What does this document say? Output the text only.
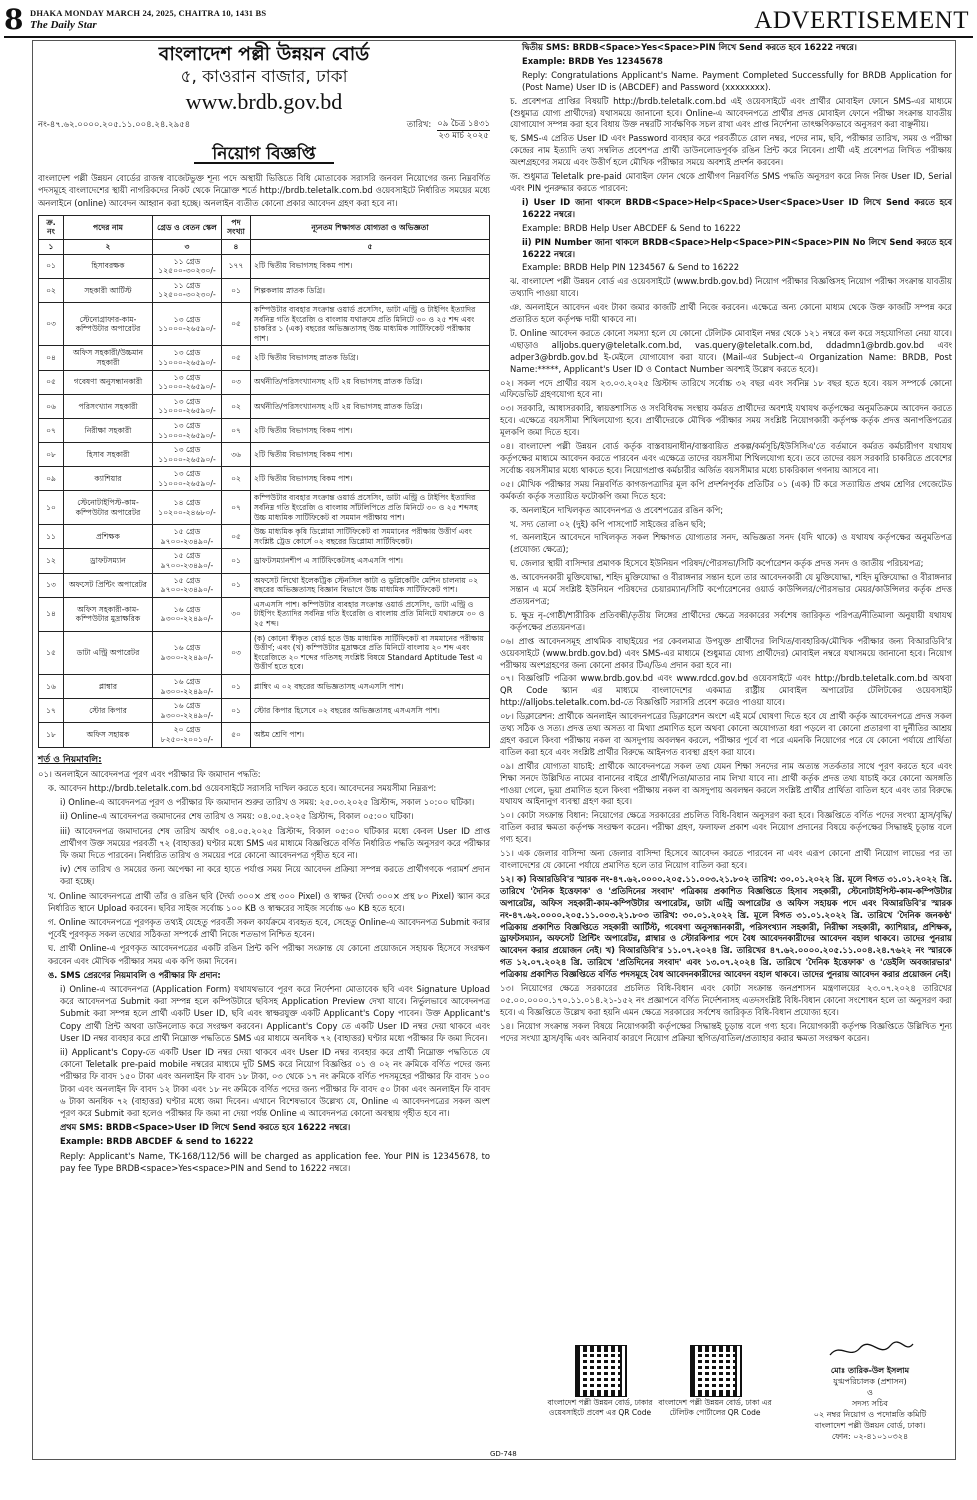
8 DHAKA MONDAY MARCH 24, 2025, CHAITRA 10, 1431 BS
The Daily Star	ADVERTISEMENT
বাংলাদেশ পল্লী উন্নয়ন বোর্ড
৫, কাওরান বাজার, ঢাকা
www.brdb.gov.bd
নং-৪৭.৬২.০০০০.২০৫.১১.০০৪.২৪.২৯৫৪	তারিখ: ০৯ চৈত্র ১৪৩১
২৩ মার্চ ২০২৫
নিয়োগ বিজ্ঞপ্তি
বাংলাদেশ পল্লী উন্নয়ন বোর্ডের রাজস্ব বাজেটভুক্ত শূন্য পদে অস্থায়ী ভিত্তিতে বিধি মোতাবেক সরাসরি জনবল নিয়োগের জন্য নিম্নবর্ণিত পদসমূহে বাংলাদেশের স্থায়ী নাগরিকদের নিকট থেকে নিম্নোক্ত শর্তে http://brdb.teletalk.com.bd ওয়েবসাইটে নির্ধারিত সময়ের মধ্যে অনলাইনে (online) আবেদন আহ্বান করা হচ্ছে। অনলাইন ব্যতীত কোনো প্রকার আবেদন গ্রহণ করা হবে না।
ক্র. নং	পদের নাম	গ্রেড ও বেতন স্কেল	পদ সংখ্যা	ন্যূনতম শিক্ষাগত যোগ্যতা ও অভিজ্ঞতা
১	২	৩	৪	৫
০১	হিসাবরক্ষক	১১ গ্রেড ১২৫০০-৩০২৩০/-	১৭৭	২টি দ্বিতীয় বিভাগসহ বিকম পাশ।
০২	সহকারী আর্টিস্ট	১১ গ্রেড ১২৫০০-৩০২৩০/-	০১	শিল্পকলায় স্নাতক ডিগ্রি।
০৩	স্টেনোগ্রাফার-কাম-কম্পিউটার অপারেটর	১৩ গ্রেড ১১০০০-২৬৫৯০/-	০৫	কম্পিউটার ব্যবহার সংক্রান্ত ওয়ার্ড প্রসেসিং, ডাটা এন্ট্রি ও টাইপিং ইত্যাদির সর্বনিম্ন গতি ইংরেজি ও বাংলায় যথাক্রমে প্রতি মিনিটে ৩০ ও ২৫ শব্দ এবং চাকরির ১ (এক) বছরের অভিজ্ঞতাসহ উচ্চ মাধ্যমিক সার্টিফিকেট পরীক্ষায় পাশ।
০৪	অফিস সহকারী/উচ্চমান সহকারী	১৩ গ্রেড ১১০০০-২৬৫৯০/-	০৫	২টি দ্বিতীয় বিভাগসহ স্নাতক ডিগ্রি।
০৫	গবেষণা অনুসন্ধানকারী	১৩ গ্রেড ১১০০০-২৬৫৯০/-	০৩	অর্থনীতি/পরিসংখ্যানসহ ২টি ২য় বিভাগসহ স্নাতক ডিগ্রি।
০৬	পরিসংখ্যান সহকারী	১৩ গ্রেড ১১০০০-২৬৫৯০/-	০২	অর্থনীতি/পরিসংখ্যানসহ ২টি ২য় বিভাগসহ স্নাতক ডিগ্রি।
০৭	নিরীক্ষা সহকারী	১৩ গ্রেড ১১০০০-২৬৫৯০/-	০৭	২টি দ্বিতীয় বিভাগসহ বিকম পাশ।
০৮	হিসাব সহকারী	১৩ গ্রেড ১১০০০-২৬৫৯০/-	৩৬	২টি দ্বিতীয় বিভাগসহ বিকম পাশ।
০৯	ক্যাশিয়ার	১৩ গ্রেড ১১০০০-২৬৫৯০/-	০২	২টি দ্বিতীয় বিভাগসহ বিকম পাশ।
১০	স্টেনোটাইপিস্ট-কাম-কম্পিউটার অপারেটর	১৪ গ্রেড ১০২০০-২৪৬৮০/-	০৭	কম্পিউটার ব্যবহার সংক্রান্ত ওয়ার্ড প্রসেসিং, ডাটা এন্ট্রি ও টাইপিং ইত্যাদির সর্বনিম্ন গতি ইংরেজি ও বাংলায় সাঁটলিপিতে প্রতি মিনিটে ৩০ ও ২৫ শব্দসহ উচ্চ মাধ্যমিক সার্টিফিকেট বা সমমান পরীক্ষায় পাশ।
১১	প্রশিক্ষক	১৫ গ্রেড ৯৭০০-২৩৪৯০/-	০৫	উচ্চ মাধ্যমিক কৃষি ডিপ্লোমা সার্টিফিকেট বা সমমানের পরীক্ষায় উত্তীর্ণ এবং সংশ্লিষ্ট ট্রেড কোর্সে ০২ বছরের ডিপ্লোমা সার্টিফিকেট।
১২	ড্রাফটসম্যান	১৫ গ্রেড ৯৭০০-২৩৪৯০/-	০১	ড্রাফটসম্যানশীপ এ সার্টিফিকেটসহ এসএসসি পাশ।
১৩	অফসেট প্রিন্টিং অপারেটর	১৫ গ্রেড ৯৭০০-২৩৪৯০/-	০১	অফসেট লিথো ইলেকট্রিক স্টেনসিল কাটা ও ডুপ্লিকেটিং মেশিন চালনায় ০২ বছরের অভিজ্ঞতাসহ বিজ্ঞান বিভাগে উচ্চ মাধ্যমিক সার্টিফিকেট পাশ।
১৪	অফিস সহকারী-কাম-কম্পিউটার মুদ্রাক্ষরিক	১৬ গ্রেড ৯৩০০-২২৪৯০/-	৩০	এসএসসি পাশ। কম্পিউটার ব্যবহার সংক্রান্ত ওয়ার্ড প্রসেসিং, ডাটা এন্ট্রি ও টাইপিং ইত্যাদির সর্বনিম্ন গতি ইংরেজি ও বাংলায় প্রতি মিনিটে যথাক্রমে ৩০ ও ২৫ শব্দ।
১৫	ডাটা এন্ট্রি অপারেটর	১৬ গ্রেড ৯৩০০-২২৪৯০/-	০৩	(ক) কোনো স্বীকৃত বোর্ড হতে উচ্চ মাধ্যমিক সার্টিফিকেট বা সমমানের পরীক্ষায় উত্তীর্ণ; এবং (খ) কম্পিউটার মুদ্রাক্ষরে প্রতি মিনিটে বাংলায় ২০ শব্দ এবং ইংরেজিতে ২০ শব্দের গতিসহ সংশ্লিষ্ট বিষয়ে Standard Aptitude Test এ উত্তীর্ণ হতে হবে।
১৬	প্লাম্বার	১৬ গ্রেড ৯৩০০-২২৪৯০/-	০১	প্লাম্বিং এ ০২ বছরের অভিজ্ঞতাসহ এসএসসি পাশ।
১৭	স্টোর কিপার	১৬ গ্রেড ৯৩০০-২২৪৯০/-	০১	স্টোর কিপার হিসেবে ০২ বছরের অভিজ্ঞতাসহ এসএসসি পাশ।
১৮	অফিস সহায়ক	২০ গ্রেড ৮২৫০-২০০১০/-	৫০	অষ্টম শ্রেণি পাশ।
শর্ত ও নিয়মাবলি:
০১। অনলাইনে আবেদনপত্র পূরণ এবং পরীক্ষার ফি জমাদান পদ্ধতি:
ক. আবেদন http://brdb.teletalk.com.bd ওয়েবসাইটে সরাসরি দাখিল করতে হবে। আবেদনের সময়সীমা নিম্নরূপ:
i) Online-এ আবেদনপত্র পূরণ ও পরীক্ষার ফি জমাদান শুরুর তারিখ ও সময়: ২৫.০৩.২০২৫ খ্রিস্টাব্দ, সকাল ১০:০০ ঘটিকা।
ii) Online-এ আবেদনপত্র জমাদানের শেষ তারিখ ও সময়: ০৪.০৫.২০২৫ খ্রিস্টাব্দ, বিকাল ০৫:০০ ঘটিকা।
iii) আবেদনপত্র জমাদানের শেষ তারিখ অর্থাৎ ০৪.০৫.২০২৫ খ্রিস্টাব্দ, বিকাল ০৫:০০ ঘটিকার মধ্যে কেবল User ID প্রাপ্ত প্রার্থীগণ উক্ত সময়ের পরবর্তী ৭২ (বাহাত্তর) ঘণ্টার মধ্যে SMS এর মাধ্যমে বিজ্ঞপ্তিতে বর্ণিত নির্ধারিত পদ্ধতি অনুসরণ করে পরীক্ষার ফি জমা দিতে পারবেন। নির্ধারিত তারিখ ও সময়ের পরে কোনো আবেদনপত্র গৃহীত হবে না।
iv) শেষ তারিখ ও সময়ের জন্য অপেক্ষা না করে হাতে পর্যাপ্ত সময় নিয়ে আবেদন প্রক্রিয়া সম্পন্ন করতে প্রার্থীগণকে পরামর্শ প্রদান করা হচ্ছে।
খ. Online আবেদনপত্রে প্রার্থী তাঁর ও রঙিন ছবি (দৈর্ঘ্য ৩০০× প্রস্থ ৩০০ Pixel) ও স্বাক্ষর (দৈর্ঘ্য ৩০০× প্রস্থ ৮০ Pixel) স্ক্যান করে নির্ধারিত স্থানে Upload করবেন। ছবির সাইজ সর্বোচ্চ ১০০ KB ও স্বাক্ষরের সাইজ সর্বোচ্চ ৬০ KB হতে হবে।
গ. Online আবেদনপত্রে পূরণকৃত তথ্যই যেহেতু পরবর্তী সকল কার্যক্রমে ব্যবহৃত হবে, সেহেতু Online-এ আবেদনপত্র Submit করার পূর্বেই পূরণকৃত সকল তথ্যের সঠিকতা সম্পর্কে প্রার্থী নিজে শতভাগ নিশ্চিত হবেন।
ঘ. প্রার্থী Online-এ পূরণকৃত আবেদনপত্রের একটি রঙিন প্রিন্ট কপি পরীক্ষা সংক্রান্ত যে কোনো প্রয়োজনে সহায়ক হিসেবে সংরক্ষণ করবেন এবং মৌখিক পরীক্ষার সময় এক কপি জমা দিবেন।
ঙ. SMS প্রেরণের নিয়মাবলি ও পরীক্ষার ফি প্রদান:
i) Online-এ আবেদনপত্র (Application Form) যথাযথভাবে পূরণ করে নির্দেশনা মোতাবেক ছবি এবং Signature Upload করে আবেদনপত্র Submit করা সম্পন্ন হলে কম্পিউটারে ছবিসহ Application Preview দেখা যাবে। নির্ভুলভাবে আবেদনপত্র Submit করা সম্পন্ন হলে প্রার্থী একটি User ID, ছবি এবং স্বাক্ষরযুক্ত একটি Applicant's Copy পাবেন। উক্ত Applicant's Copy প্রার্থী প্রিন্ট অথবা ডাউনলোড করে সংরক্ষণ করবেন। Applicant's Copy তে একটি User ID নম্বর দেয়া থাকবে এবং User ID নম্বর ব্যবহার করে প্রার্থী নিম্নোক্ত পদ্ধতিতে SMS এর মাধ্যমে অনধিক ৭২ (বাহাত্তর) ঘণ্টার মধ্যে পরীক্ষার ফি জমা দিবেন।
ii) Applicant's Copy-তে একটি User ID নম্বর দেয়া থাকবে এবং User ID নম্বর ব্যবহার করে প্রার্থী নিম্নোক্ত পদ্ধতিতে যে কোনো Teletalk pre-paid mobile নম্বরের মাধ্যমে দুটি SMS করে নিয়োগ বিজ্ঞপ্তির ০১ ও ০২ নং ক্রমিকে বর্ণিত পদের জন্য পরীক্ষার ফি বাবদ ১৫০ টাকা এবং অনলাইন ফি বাবদ ১৮ টাকা, ০৩ থেকে ১৭ নং ক্রমিকে বর্ণিত পদসমূহের পরীক্ষার ফি বাবদ ১০০ টাকা এবং অনলাইন ফি বাবদ ১২ টাকা এবং ১৮ নং ক্রমিকে বর্ণিত পদের জন্য পরীক্ষার ফি বাবদ ৫০ টাকা এবং অনলাইন ফি বাবদ ৬ টাকা অনধিক ৭২ (বাহাত্তর) ঘণ্টার মধ্যে জমা দিবেন। এখানে বিশেষভাবে উল্লেখ্য যে, Online এ আবেদনপত্রের সকল অংশ পূরণ করে Submit করা হলেও পরীক্ষার ফি জমা না দেয়া পর্যন্ত Online এ আবেদনপত্র কোনো অবস্থায় গৃহীত হবে না।
প্রথম SMS: BRDB<Space>User ID লিখে Send করতে হবে 16222 নম্বরে।
Example: BRDB ABCDEF & send to 16222
Reply: Applicant's Name, TK-168/112/56 will be charged as application fee. Your PIN is 12345678, to pay fee Type BRDB<space>Yes<space>PIN and Send to 16222 নম্বরে।
দ্বিতীয় SMS: BRDB<Space>Yes<Space>PIN লিখে Send করতে হবে 16222 নম্বরে।
Example: BRDB Yes 12345678
Reply: Congratulations Applicant's Name. Payment Completed Successfully for BRDB Application for (Post Name) User ID is (ABCDEF) and Password (xxxxxxxx).
চ. প্রবেশপত্র প্রাপ্তির বিষয়টি http://brdb.teletalk.com.bd এই ওয়েবসাইটে এবং প্রার্থীর মোবাইল ফোনে SMS-এর মাধ্যমে (শুধুমাত্র যোগ্য প্রার্থীদের) যথাসময়ে জানানো হবে। Online-এ আবেদনপত্রে প্রার্থীর প্রদত্ত মোবাইল ফোনে পরীক্ষা সংক্রান্ত যাবতীয় যোগাযোগ সম্পন্ন করা হবে বিধায় উক্ত নম্বরটি সার্বক্ষণিক সচল রাখা এবং প্রাপ্ত নির্দেশনা তাৎক্ষণিকভাবে অনুসরণ করা বাঞ্ছনীয়।
ছ. SMS-এ প্রেরিত User ID এবং Password ব্যবহার করে পরবর্তীতে রোল নম্বর, পদের নাম, ছবি, পরীক্ষার তারিখ, সময় ও পরীক্ষা কেন্দ্রের নাম ইত্যাদি তথ্য সম্বলিত প্রবেশপত্র প্রার্থী ডাউনলোডপূর্বক রঙিন প্রিন্ট করে নিবেন। প্রার্থী এই প্রবেশপত্র লিখিত পরীক্ষায় অংশগ্রহণের সময়ে এবং উত্তীর্ণ হলে মৌখিক পরীক্ষার সময়ে অবশ্যই প্রদর্শন করবেন।
জ. শুধুমাত্র Teletalk pre-paid মোবাইল ফোন থেকে প্রার্থীগণ নিম্নবর্ণিত SMS পদ্ধতি অনুসরণ করে নিজ নিজ User ID, Serial এবং PIN পুনরুদ্ধার করতে পারবেন:
i) User ID জানা থাকলে BRDB<Space>Help<Space>User<Space>User ID লিখে Send করতে হবে 16222 নম্বরে।
Example: BRDB Help User ABCDEF & Send to 16222
ii) PIN Number জানা থাকলে BRDB<Space>Help<Space>PIN<Space>PIN No লিখে Send করতে হবে 16222 নম্বরে।
Example: BRDB Help PIN 1234567 & Send to 16222
ঝ. বাংলাদেশ পল্লী উন্নয়ন বোর্ড এর ওয়েবসাইটে (www.brdb.gov.bd) নিয়োগ পরীক্ষার বিজ্ঞপ্তিসহ নিয়োগ পরীক্ষা সংক্রান্ত যাবতীয় তথ্যাদি পাওয়া যাবে।
ঞ. অনলাইনে আবেদন এবং টাকা জমার কাজটি প্রার্থী নিজে করবেন। এক্ষেত্রে অন্য কোনো মাধ্যম থেকে উক্ত কাজটি সম্পন্ন করে প্রতারিত হলে কর্তৃপক্ষ দায়ী থাকবে না।
ট. Online আবেদন করতে কোনো সমস্যা হলে যে কোনো টেলিটক মোবাইল নম্বর থেকে ১২১ নম্বরে কল করে সহযোগিতা নেয়া যাবে। এছাড়াও alljobs.query@teletalk.com.bd, vas.query@teletalk.com.bd, ddadmn1@brdb.gov.bd এবং adper3@brdb.gov.bd ই-মেইলে যোগাযোগ করা যাবে। (Mail-এর Subject-এ Organization Name: BRDB, Post Name:*****, Applicant's User ID ও Contact Number অবশ্যই উল্লেখ করতে হবে)।
০২। সকল পদে প্রার্থীর বয়স ২৩.০৩.২০২৫ খ্রিস্টাব্দ তারিখে সর্বোচ্চ ৩২ বছর এবং সর্বনিম্ন ১৮ বছর হতে হবে। বয়স সম্পর্কে কোনো এফিডেভিট গ্রহণযোগ্য হবে না।
০৩। সরকারি, আধাসরকারি, স্বায়ত্তশাসিত ও সংবিধিবদ্ধ সংস্থায় কর্মরত প্রার্থীদের অবশ্যই যথাযথ কর্তৃপক্ষের অনুমতিক্রমে আবেদন করতে হবে। এক্ষেত্রে বয়সসীমা শিথিলযোগ্য হবে। প্রার্থীদেরকে মৌখিক পরীক্ষার সময় সংশ্লিষ্ট নিয়োগকারী কর্তৃপক্ষ কর্তৃক প্রদত্ত অনাপত্তিপত্রের মূলকপি জমা দিতে হবে।
০৪। বাংলাদেশ পল্লী উন্নয়ন বোর্ড কর্তৃক বাস্তবায়নাধীন/বাস্তবায়িত প্রকল্প/কর্মসূচি/ইউসিসিএ'তে বর্তমানে কর্মরত কর্মচারীগণ যথাযথ কর্তৃপক্ষের মাধ্যমে আবেদন করতে পারবেন এবং এক্ষেত্রে তাদের বয়সসীমা শিথিলযোগ্য হবে। তবে তাদের বয়স সরকারি চাকরিতে প্রবেশের সর্বোচ্চ বয়সসীমার মধ্যে থাকতে হবে। নিয়োগপ্রাপ্ত কর্মচারীর অর্জিত বয়সসীমার মধ্যে চাকরিকাল গণনায় আসবে না।
০৫। মৌখিক পরীক্ষার সময় নিম্নবর্ণিত কাগজপত্রাদির মূল কপি প্রদর্শনপূর্বক প্রতিটির ০১ (এক) টি করে সত্যায়িত প্রথম শ্রেণির গেজেটেড কর্মকর্তা কর্তৃক সত্যায়িত ফটোকপি জমা দিতে হবে:
ক. অনলাইনে দাখিলকৃত আবেদনপত্র ও প্রবেশপত্রের রঙিন কপি;
খ. সদ্য তোলা ০২ (দুই) কপি পাসপোর্ট সাইজের রঙিন ছবি;
গ. অনলাইনে আবেদনে দাখিলকৃত সকল শিক্ষাগত যোগ্যতার সনদ, অভিজ্ঞতা সনদ (যদি থাকে) ও যথাযথ কর্তৃপক্ষের অনুমতিপত্র (প্রযোজ্য ক্ষেত্রে);
ঘ. জেলার স্থায়ী বাসিন্দার প্রমাণক হিসেবে ইউনিয়ন পরিষদ/পৌরসভা/সিটি কর্পোরেশন কর্তৃক প্রদত্ত সনদ ও জাতীয় পরিচয়পত্র;
ঙ. আবেদনকারী মুক্তিযোদ্ধা, শহিদ মুক্তিযোদ্ধা ও বীরাঙ্গনার সন্তান হলে তার আবেদনকারী যে মুক্তিযোদ্ধা, শহিদ মুক্তিযোদ্ধা ও বীরাঙ্গনার সন্তান এ মর্মে সংশ্লিষ্ট ইউনিয়ন পরিষদের চেয়ারম্যান/সিটি কর্পোরেশনের ওয়ার্ড কাউন্সিলর/পৌরসভার মেয়র/কাউন্সিলর কর্তৃক প্রদত্ত প্রত্যয়নপত্র;
চ. ক্ষুদ্র নৃ-গোষ্ঠী/শারীরিক প্রতিবন্ধী/তৃতীয় লিঙ্গের প্রার্থীদের ক্ষেত্রে সরকারের সর্বশেষ জারিকৃত পরিপত্র/নীতিমালা অনুযায়ী যথাযথ কর্তৃপক্ষের প্রত্যয়নপত্র।
০৬। প্রাপ্ত আবেদনসমূহ প্রাথমিক বাছাইয়ের পর কেবলমাত্র উপযুক্ত প্রার্থীদের লিখিত/ব্যবহারিক/মৌখিক পরীক্ষার জন্য বিআরডিবি'র ওয়েবসাইটে (www.brdb.gov.bd) এবং SMS-এর মাধ্যমে (শুধুমাত্র যোগ্য প্রার্থীদের) মোবাইল নম্বরে যথাসময়ে জানানো হবে। নিয়োগ পরীক্ষায় অংশগ্রহণের জন্য কোনো প্রকার টিএ/ডিএ প্রদান করা হবে না।
০৭। বিজ্ঞপ্তিটি পত্রিকা www.brdb.gov.bd এবং www.rdcd.gov.bd ওয়েবসাইটে এবং http://brdb.teletalk.com.bd অথবা QR Code স্ক্যান এর মাধ্যমে বাংলাদেশের একমাত্র রাষ্ট্রীয় মোবাইল অপারেটর টেলিটকের ওয়েবসাইট http://alljobs.teletalk.com.bd-তে বিজ্ঞপ্তিটি সরাসরি প্রবেশ করেও পাওয়া যাবে।
০৮। ডিক্লারেশন: প্রার্থীকে অনলাইন আবেদনপত্রের ডিক্লারেশন অংশে এই মর্মে ঘোষণা দিতে হবে যে প্রার্থী কর্তৃক আবেদনপত্রে প্রদত্ত সকল তথ্য সঠিক ও সত্য। প্রদত্ত তথ্য অসত্য বা মিথ্যা প্রমাণিত হলে অথবা কোনো অযোগ্যতা ধরা পড়লে বা কোনো প্রতারণা বা দুর্নীতির আশ্রয় গ্রহণ করলে কিংবা পরীক্ষায় নকল বা অসদুপায় অবলম্বন করলে, পরীক্ষার পূর্বে বা পরে এমনকি নিয়োগের পরে যে কোনো পর্যায়ে প্রার্থিতা বাতিল করা হবে এবং সংশ্লিষ্ট প্রার্থীর বিরুদ্ধে আইনগত ব্যবস্থা গ্রহণ করা যাবে।
০৯। প্রার্থীর যোগ্যতা যাচাই: প্রার্থীকে আবেদনপত্রে সকল তথ্য যেমন শিক্ষা সনদের নাম অত্যন্ত সতর্কতার সাথে পূরণ করতে হবে এবং শিক্ষা সনদে উল্লিখিত নামের বানানের বাইরে প্রার্থী/পিতা/মাতার নাম লিখা যাবে না। প্রার্থী কর্তৃক প্রদত্ত তথ্য যাচাই করে কোনো অসঙ্গতি পাওয়া গেলে, ভুয়া প্রমাণিত হলে কিংবা পরীক্ষায় নকল বা অসদুপায় অবলম্বন করলে সংশ্লিষ্ট প্রার্থীর প্রার্থিতা বাতিল হবে এবং তার বিরুদ্ধে যথাযথ আইনানুগ ব্যবস্থা গ্রহণ করা হবে।
১০। কোটা সংক্রান্ত বিধান: নিয়োগের ক্ষেত্রে সরকারের প্রচলিত বিধি-বিধান অনুসরণ করা হবে। বিজ্ঞপ্তিতে বর্ণিত পদের সংখ্যা হ্রাস/বৃদ্ধি/বাতিল করার ক্ষমতা কর্তৃপক্ষ সংরক্ষণ করেন। পরীক্ষা গ্রহণ, ফলাফল প্রকাশ এবং নিয়োগ প্রদানের বিষয়ে কর্তৃপক্ষের সিদ্ধান্তই চূড়ান্ত বলে গণ্য হবে।
১১। এক জেলার বাসিন্দা অন্য জেলার বাসিন্দা হিসেবে আবেদন করতে পারবেন না এবং এরূপ কোনো প্রার্থী নিয়োগ লাভের পর তা বাংলাদেশের যে কোনো পর্যায়ে প্রমাণিত হলে তার নিয়োগ বাতিল করা হবে।
১২। ক) বিআরডিবি'র স্মারক নং-৪৭.৬২.০০০০.২০৫.১১.০০৩.২১.৮০২ তারিখ: ৩০.০১.২০২২ খ্রি. মূলে বিগত ৩১.০১.২০২২ খ্রি. তারিখে 'দৈনিক ইত্তেফাক' ও 'প্রতিদিনের সংবাদ' পত্রিকায় প্রকাশিত বিজ্ঞপ্তিতে হিসাব সহকারী, স্টেনোটাইপিস্ট-কাম-কম্পিউটার অপারেটর, অফিস সহকারী-কাম-কম্পিউটার অপারেটর, ডাটা এন্ট্রি অপারেটর ও অফিস সহায়ক পদে এবং বিআরডিবি'র স্মারক নং-৪৭.৬২.০০০০.২০৫.১১.০০৩.২১.৮০৩ তারিখ: ৩০.০১.২০২২ খ্রি. মূলে বিগত ৩১.০১.২০২২ খ্রি. তারিখে 'দৈনিক জনকণ্ঠ' পত্রিকায় প্রকাশিত বিজ্ঞপ্তিতে সহকারী আর্টিস্ট, গবেষণা অনুসন্ধানকারী, পরিসংখ্যান সহকারী, নিরীক্ষা সহকারী, ক্যাশিয়ার, প্রশিক্ষক, ড্রাফটসম্যান, অফসেট প্রিন্টিং অপারেটর, প্লাম্বার ও স্টোরকিপার পদে বৈধ আবেদনকারীদের আবেদন বহাল থাকবে। তাদের পুনরায় আবেদন করার প্রয়োজন নেই। খ) বিআরডিবি'র ১১.০৭.২০২৪ খ্রি. তারিখের ৪৭.৬২.০০০০.২০৫.১১.০০৪.২৪.৭৬২২ নং স্মারকে গত ১২.০৭.২০২৪ খ্রি. তারিখে 'প্রতিদিনের সংবাদ' এবং ১৩.০৭.২০২৪ খ্রি. তারিখে 'দৈনিক ইত্তেফাক' ও 'ডেইলি অবজারভার' পত্রিকায় প্রকাশিত বিজ্ঞপ্তিতে বর্ণিত পদসমূহে বৈধ আবেদনকারীদের আবেদন বহাল থাকবে। তাদের পুনরায় আবেদন করার প্রয়োজন নেই।
১৩। নিয়োগের ক্ষেত্রে সরকারের প্রচলিত বিধি-বিধান এবং কোটা সংক্রান্ত জনপ্রশাসন মন্ত্রণালয়ের ২৩.০৭.২০২৪ তারিখের ০৫.০০.০০০০.১৭০.১১.০১৪.২১-১৫২ নং প্রজ্ঞাপনে বর্ণিত নির্দেশনাসহ এতদসংশ্লিষ্ট বিধি-বিধান কোনো সংশোধন হলে তা অনুসরণ করা হবে। এ বিজ্ঞপ্তিতে উল্লেখ করা হয়নি এমন ক্ষেত্রে সরকারের সর্বশেষ জারিকৃত বিধি-বিধান প্রযোজ্য হবে।
১৪। নিয়োগ সংক্রান্ত সকল বিষয়ে নিয়োগকারী কর্তৃপক্ষের সিদ্ধান্তই চূড়ান্ত বলে গণ্য হবে। নিয়োগকারী কর্তৃপক্ষ বিজ্ঞপ্তিতে উল্লিখিত শূন্য পদের সংখ্যা হ্রাস/বৃদ্ধি এবং অনিবার্য কারণে নিয়োগ প্রক্রিয়া স্থগিত/বাতিল/প্রত্যাহার করার ক্ষমতা সংরক্ষণ করেন।
বাংলাদেশ পল্লী উন্নয়ন বোর্ড, ঢাকার ওয়েবসাইটে প্রবেশ এর QR Code
বাংলাদেশ পল্লী উন্নয়ন বোর্ড, ঢাকা এর টেলিটক পোর্টালের QR Code
মোঃ তারিক-উল ইসলাম
যুগ্মপরিচালক (প্রশাসন)
ও
সদস্য সচিব
০২ নম্বর নিয়োগ ও পদোন্নতি কমিটি
বাংলাদেশ পল্লী উন্নয়ন বোর্ড, ঢাকা।
ফোন: ০২-৪১০১০৩২৪
GD-748
